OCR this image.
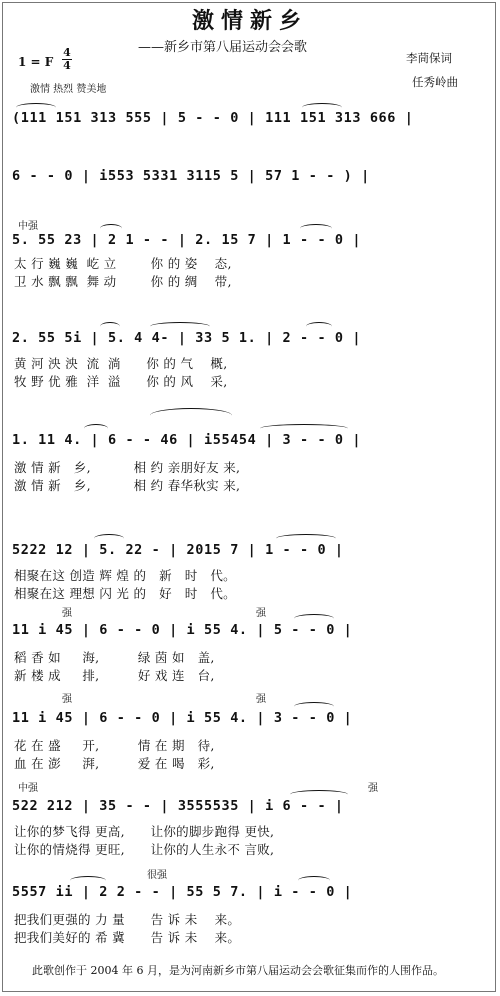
激情新乡
——新乡市第八届运动会会歌
李茼保词
任秀岭曲
1 = F
4
4
激情 热烈 赞美地
中强
强	强
强	强
中强	强
很强
(111 151 313 555 | 5 - - 0 | 111 151 313 666 |
6 - - 0 | i553 5331 3115 5 | 57 1 - - ) |
5. 55 23 | 2 1 - - | 2. 15 7 | 1 - - 0 |
太 行 巍 巍  屹 立        你 的 姿    态,
卫 水 飘 飘  舞 动        你 的 绸    带,
2. 55 5i | 5. 4 4- | 33 5 1. | 2 - - 0 |
黄 河 泱 泱  流  淌      你 的 气    概,
牧 野 优 雅  洋  溢      你 的 风    采,
1. 11 4. | 6 - - 46 | i55454 | 3 - - 0 |
激 情 新   乡,          相 约 亲朋好友 来,
激 情 新   乡,          相 约 春华秋实 来,
5222 12 | 5. 22 - | 2015 7 | 1 - - 0 |
相聚在这 创造 辉 煌 的   新   时   代。
相聚在这 理想 闪 光 的   好   时   代。
11 i 45 | 6 - - 0 | i 55 4. | 5 - - 0 |
稻 香 如     海,         绿 茵 如   盖,
新 楼 成     排,         好 戏 连   台,
11 i 45 | 6 - - 0 | i 55 4. | 3 - - 0 |
花 在 盛     开,         情 在 期   待,
血 在 澎     湃,         爱 在 喝   彩,
522 212 | 35 - - | 3555535 | i 6 - - |
让你的梦飞得 更高,      让你的脚步跑得 更快,
让你的情烧得 更旺,      让你的人生永不 言败,
5557 ii | 2 2 - - | 55 5 7. | i - - 0 |
把我们更强的 力 量      告 诉 未    来。
把我们美好的 希 冀      告 诉 未    来。
此歌创作于 2004 年 6 月，是为河南新乡市第八届运动会会歌征集而作的人围作品。
